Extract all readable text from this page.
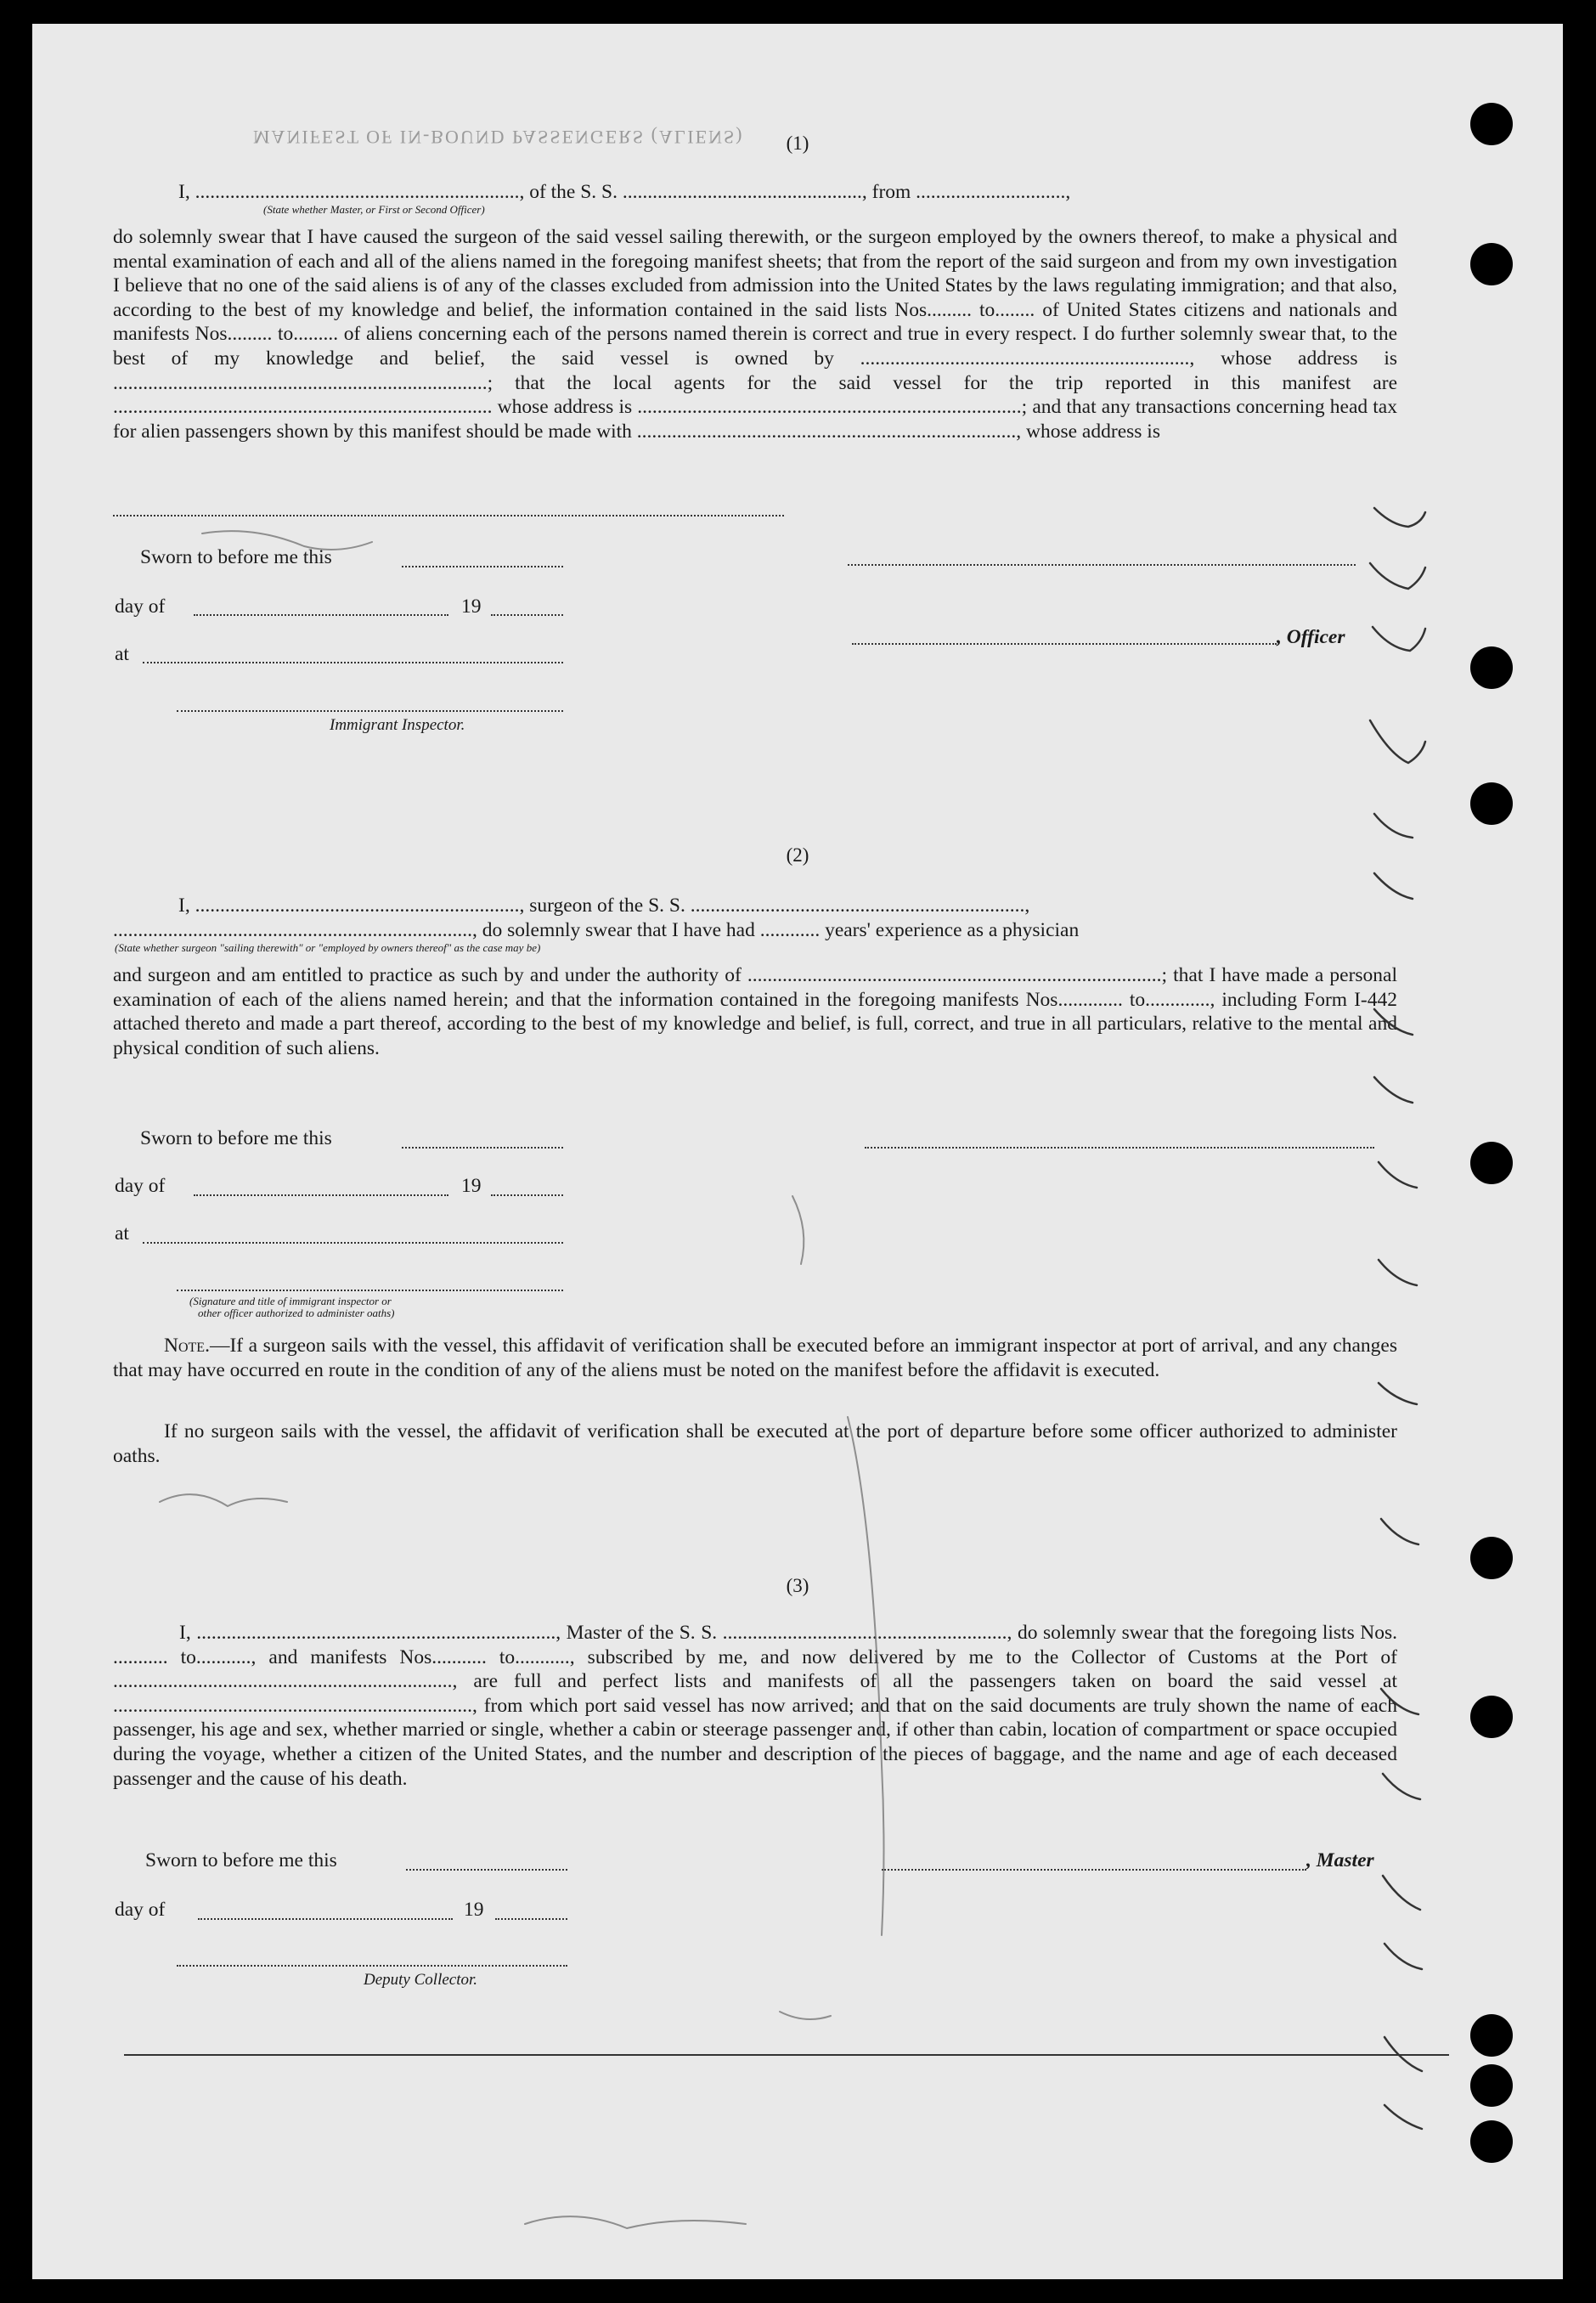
MANIFEST OF IN-BOUND PASSENGERS (ALIENS)	(1)
I, ................................................................., of the S. S. ................................................, from ..............................,
(State whether Master, or First or Second Officer)
do solemnly swear that I have caused the surgeon of the said vessel sailing therewith, or the surgeon employed by the owners thereof, to make a physical and mental examination of each and all of the aliens named in the foregoing manifest sheets; that from the report of the said surgeon and from my own investigation I believe that no one of the said aliens is of any of the classes excluded from admission into the United States by the laws regulating immigration; and that also, according to the best of my knowledge and belief, the information contained in the said lists Nos......... to........ of United States citizens and nationals and manifests Nos......... to......... of aliens concerning each of the persons named therein is correct and true in every respect. I do further solemnly swear that, to the best of my knowledge and belief, the said vessel is owned by .................................................................., whose address is ...........................................................................; that the local agents for the said vessel for the trip reported in this manifest are ............................................................................ whose address is .............................................................................; and that any transactions concerning head tax for alien passengers shown by this manifest should be made with ............................................................................, whose address is
Sworn to before me this
day of	19
at
, Officer
Immigrant Inspector.
(2)
I, ................................................................., surgeon of the S. S. ...................................................................,
........................................................................, do solemnly swear that I have had ............ years' experience as a physician
(State whether surgeon "sailing therewith" or "employed by owners thereof" as the case may be)
and surgeon and am entitled to practice as such by and under the authority of ...................................................................................; that I have made a personal examination of each of the aliens named herein; and that the information contained in the foregoing manifests Nos............. to............., including Form I-442 attached thereto and made a part thereof, according to the best of my knowledge and belief, is full, correct, and true in all particulars, relative to the mental and physical condition of such aliens.
Sworn to before me this
day of	19
at
(Signature and title of immigrant inspector or
other officer authorized to administer oaths)
Note.—If a surgeon sails with the vessel, this affidavit of verification shall be executed before an immigrant inspector at port of arrival, and any changes that may have occurred en route in the condition of any of the aliens must be noted on the manifest before the affidavit is executed.
If no surgeon sails with the vessel, the affidavit of verification shall be executed at the port of departure before some officer authorized to administer oaths.
(3)
I, ........................................................................, Master of the S. S. ........................................................., do solemnly swear that the foregoing lists Nos. ........... to..........., and manifests Nos........... to..........., subscribed by me, and now delivered by me to the Collector of Customs at the Port of ...................................................................., are full and perfect lists and manifests of all the passengers taken on board the said vessel at ........................................................................, from which port said vessel has now arrived; and that on the said documents are truly shown the name of each passenger, his age and sex, whether married or single, whether a cabin or steerage passenger and, if other than cabin, location of compartment or space occupied during the voyage, whether a citizen of the United States, and the number and description of the pieces of baggage, and the name and age of each deceased passenger and the cause of his death.
Sworn to before me this	, Master
day of	19
Deputy Collector.
